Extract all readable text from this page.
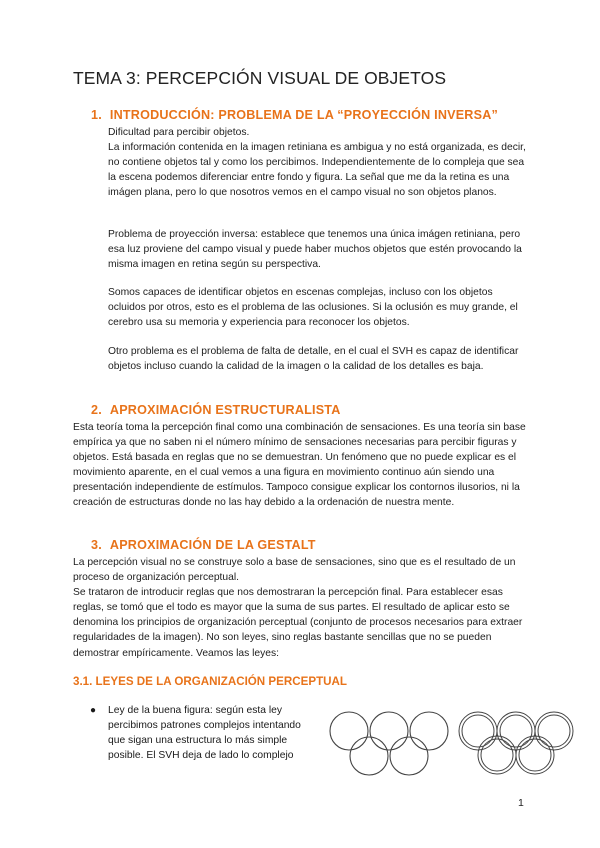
TEMA 3: PERCEPCIÓN VISUAL DE OBJETOS
1. INTRODUCCIÓN: PROBLEMA DE LA “PROYECCIÓN INVERSA”

Dificultad para percibir objetos.
La información contenida en la imagen retiniana es ambigua y no está organizada, es decir, no contiene objetos tal y como los percibimos. Independientemente de lo compleja que sea la escena podemos diferenciar entre fondo y figura. La señal que me da la retina es una imágen plana, pero lo que nosotros vemos en el campo visual no son objetos planos.

Problema de proyección inversa: establece que tenemos una única imágen retiniana, pero esa luz proviene del campo visual y puede haber muchos objetos que estén provocando la misma imagen en retina según su perspectiva.

Somos capaces de identificar objetos en escenas complejas, incluso con los objetos ocluidos por otros, esto es el problema de las oclusiones. Si la oclusión es muy grande, el cerebro usa su memoria y experiencia para reconocer los objetos.

Otro problema es el problema de falta de detalle, en el cual el SVH es capaz de identificar objetos incluso cuando la calidad de la imagen o la calidad de los detalles es baja.

2. APROXIMACIÓN ESTRUCTURALISTA

Esta teoría toma la percepción final como una combinación de sensaciones. Es una teoría sin base empírica ya que no saben ni el número mínimo de sensaciones necesarias para percibir figuras y objetos. Está basada en reglas que no se demuestran. Un fenómeno que no puede explicar es el movimiento aparente, en el cual vemos a una figura en movimiento continuo aún siendo una presentación independiente de estímulos. Tampoco consigue explicar los contornos ilusorios, ni la creación de estructuras donde no las hay debido a la ordenación de nuestra mente.

3. APROXIMACIÓN DE LA GESTALT

La percepción visual no se construye solo a base de sensaciones, sino que es el resultado de un proceso de organización perceptual.
Se trataron de introducir reglas que nos demostraran la percepción final. Para establecer esas reglas, se tomó que el todo es mayor que la suma de sus partes. El resultado de aplicar esto se denomina los principios de organización perceptual (conjunto de procesos necesarios para extraer regularidades de la imagen). No son leyes, sino reglas bastante sencillas que no se pueden demostrar empíricamente. Veamos las leyes:

3.1. LEYES DE LA ORGANIZACIÓN PERCEPTUAL
● Ley de la buena figura: según esta ley percibimos patrones complejos intentando que sigan una estructura lo más simple posible. El SVH deja de lado lo complejo

1
